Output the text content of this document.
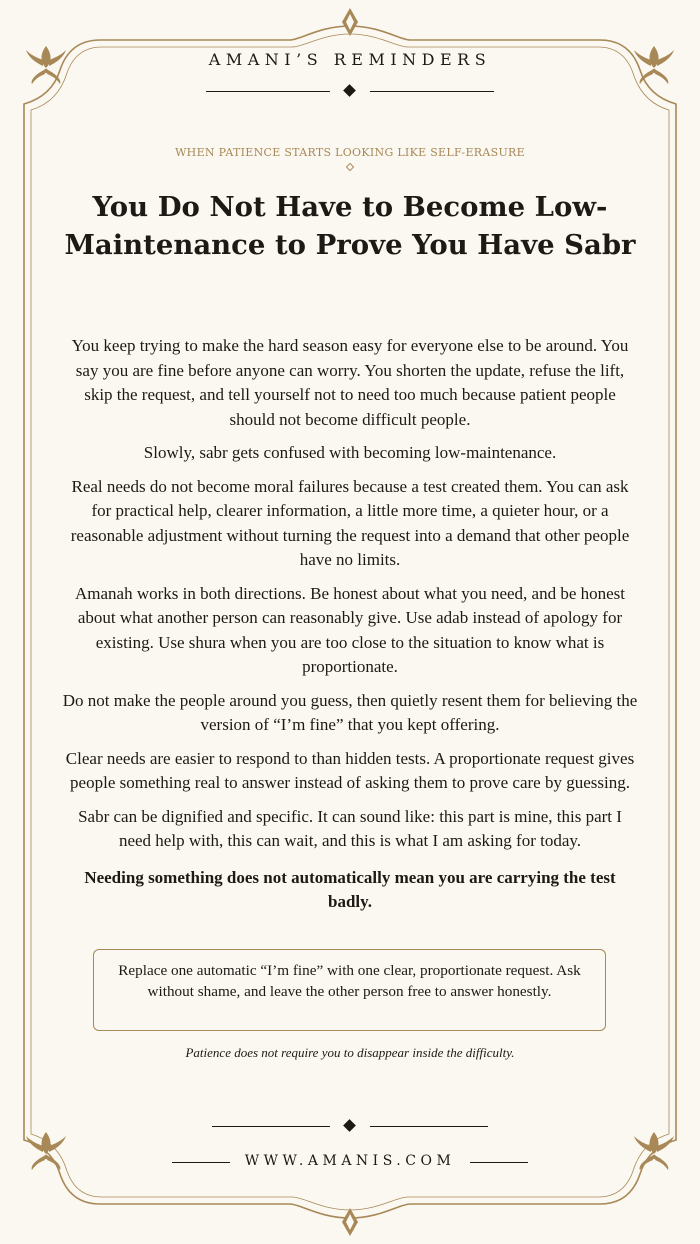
AMANI’S REMINDERS
WHEN PATIENCE STARTS LOOKING LIKE SELF-ERASURE
You Do Not Have to Become Low-Maintenance to Prove You Have Sabr

You keep trying to make the hard season easy for everyone else to be around. You say you are fine before anyone can worry. You shorten the update, refuse the lift, skip the request, and tell yourself not to need too much because patient people should not become difficult people.

Slowly, sabr gets confused with becoming low-maintenance.

Real needs do not become moral failures because a test created them. You can ask for practical help, clearer information, a little more time, a quieter hour, or a reasonable adjustment without turning the request into a demand that other people have no limits.

Amanah works in both directions. Be honest about what you need, and be honest about what another person can reasonably give. Use adab instead of apology for existing. Use shura when you are too close to the situation to know what is proportionate.

Do not make the people around you guess, then quietly resent them for believing the version of “I’m fine” that you kept offering.

Clear needs are easier to respond to than hidden tests. A proportionate request gives people something real to answer instead of asking them to prove care by guessing.

Sabr can be dignified and specific. It can sound like: this part is mine, this part I need help with, this can wait, and this is what I am asking for today.

Needing something does not automatically mean you are carrying the test badly.

Replace one automatic “I’m fine” with one clear, proportionate request. Ask without shame, and leave the other person free to answer honestly.
Patience does not require you to disappear inside the difficulty.
WWW.AMANIS.COM
